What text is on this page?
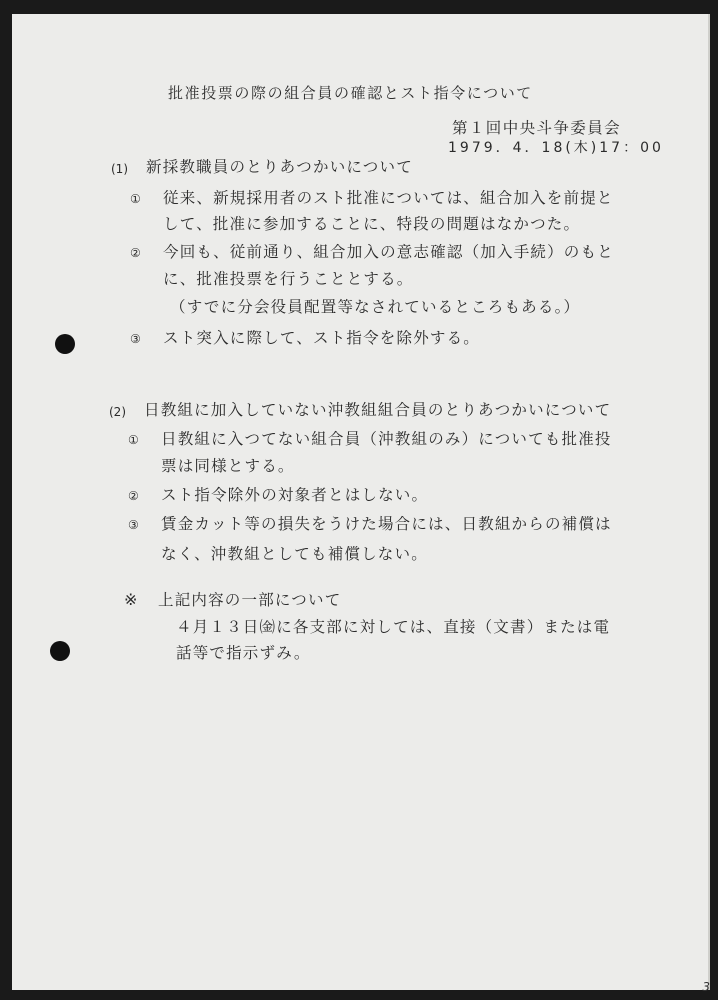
批准投票の際の組合員の確認とスト指令について
第１回中央斗争委員会
1979．4．18(木)17：00
(1) 新採教職員のとりあつかいについて
① 従来、新規採用者のスト批准については、組合加入を前提と
して、批准に参加することに、特段の問題はなかつた。
② 今回も、従前通り、組合加入の意志確認（加入手続）のもと
に、批准投票を行うこととする。
（すでに分会役員配置等なされているところもある。）
③ スト突入に際して、スト指令を除外する。
(2) 日教組に加入していない沖教組組合員のとりあつかいについて
① 日教組に入つてない組合員（沖教組のみ）についても批准投
票は同様とする。
② スト指令除外の対象者とはしない。
③ 賃金カット等の損失をうけた場合には、日教組からの補償は
なく、沖教組としても補償しない。
※ 上記内容の一部について
４月１３日㈮に各支部に対しては、直接（文書）または電
話等で指示ずみ。
3
